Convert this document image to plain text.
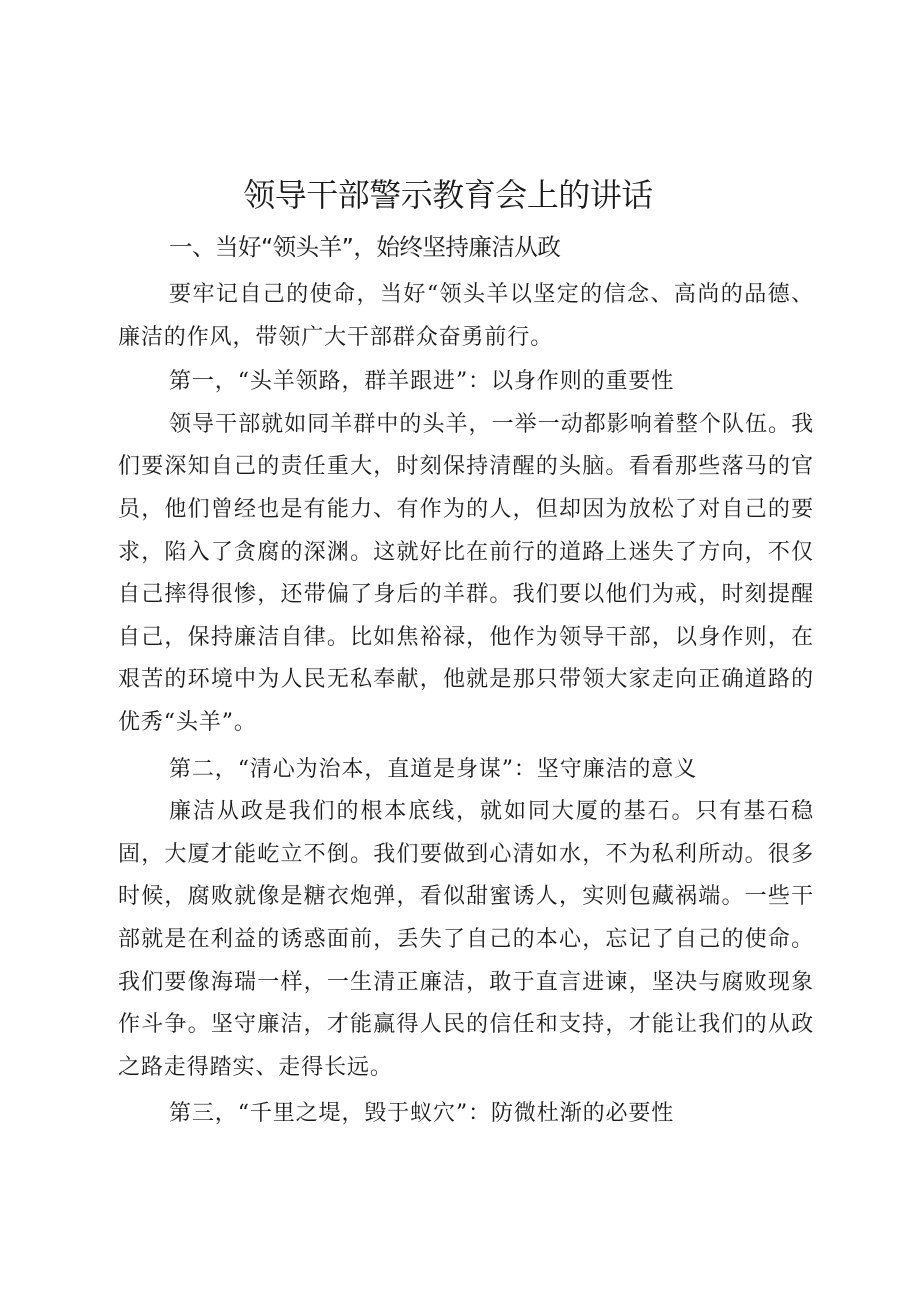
领导干部警示教育会上的讲话
一、当好“领头羊”，始终坚持廉洁从政

要牢记自己的使命，当好“领头羊以坚定的信念、高尚的品德、廉洁的作风，带领广大干部群众奋勇前行。

第一，“头羊领路，群羊跟进”：以身作则的重要性

领导干部就如同羊群中的头羊，一举一动都影响着整个队伍。我们要深知自己的责任重大，时刻保持清醒的头脑。看看那些落马的官员，他们曾经也是有能力、有作为的人，但却因为放松了对自己的要求，陷入了贪腐的深渊。这就好比在前行的道路上迷失了方向，不仅自己摔得很惨，还带偏了身后的羊群。我们要以他们为戒，时刻提醒自己，保持廉洁自律。比如焦裕禄，他作为领导干部，以身作则，在艰苦的环境中为人民无私奉献，他就是那只带领大家走向正确道路的优秀“头羊”。

第二，“清心为治本，直道是身谋”：坚守廉洁的意义

廉洁从政是我们的根本底线，就如同大厦的基石。只有基石稳固，大厦才能屹立不倒。我们要做到心清如水，不为私利所动。很多时候，腐败就像是糖衣炮弹，看似甜蜜诱人，实则包藏祸端。一些干部就是在利益的诱惑面前，丢失了自己的本心，忘记了自己的使命。我们要像海瑞一样，一生清正廉洁，敢于直言进谏，坚决与腐败现象作斗争。坚守廉洁，才能赢得人民的信任和支持，才能让我们的从政之路走得踏实、走得长远。

第三，“千里之堤，毁于蚁穴”：防微杜渐的必要性
